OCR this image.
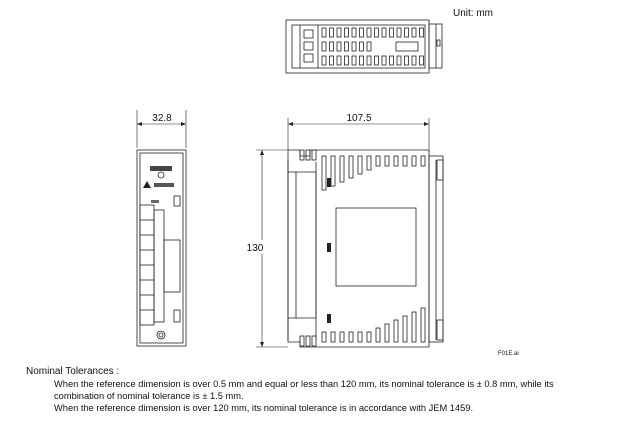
32.8	107.5
130
Unit: mm
F01E.ai
Nominal Tolerances :
When the reference dimension is over 0.5 mm and equal or less than 120 mm, its nominal tolerance is ± 0.8 mm, while its
combination of nominal tolerance is ± 1.5 mm.
When the reference dimension is over 120 mm, its nominal tolerance is in accordance with JEM 1459.
